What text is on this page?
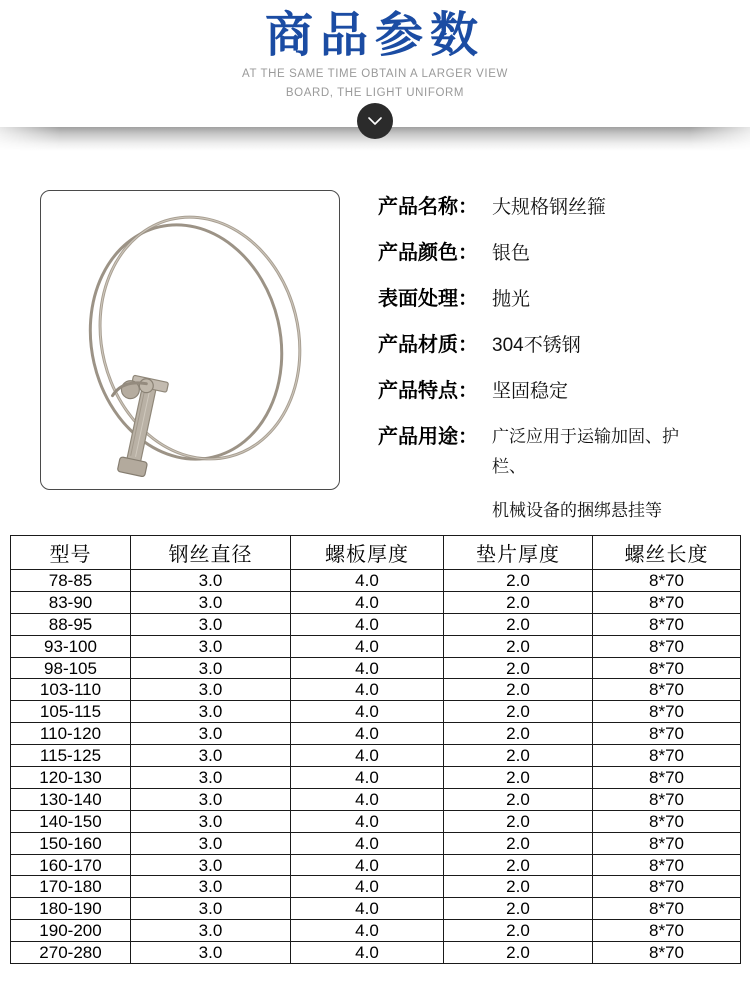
商品参数
AT THE SAME TIME OBTAIN A LARGER VIEW
BOARD, THE LIGHT UNIFORM
产品名称： 大规格钢丝箍
产品颜色： 银色
表面处理： 抛光
产品材质： 304不锈钢
产品特点： 坚固稳定
产品用途： 广泛应用于运输加固、护栏、
机械设备的捆绑悬挂等
型号	钢丝直径	螺板厚度	垫片厚度	螺丝长度
78-85	3.0	4.0	2.0	8*70
83-90	3.0	4.0	2.0	8*70
88-95	3.0	4.0	2.0	8*70
93-100	3.0	4.0	2.0	8*70
98-105	3.0	4.0	2.0	8*70
103-110	3.0	4.0	2.0	8*70
105-115	3.0	4.0	2.0	8*70
110-120	3.0	4.0	2.0	8*70
115-125	3.0	4.0	2.0	8*70
120-130	3.0	4.0	2.0	8*70
130-140	3.0	4.0	2.0	8*70
140-150	3.0	4.0	2.0	8*70
150-160	3.0	4.0	2.0	8*70
160-170	3.0	4.0	2.0	8*70
170-180	3.0	4.0	2.0	8*70
180-190	3.0	4.0	2.0	8*70
190-200	3.0	4.0	2.0	8*70
270-280	3.0	4.0	2.0	8*70
